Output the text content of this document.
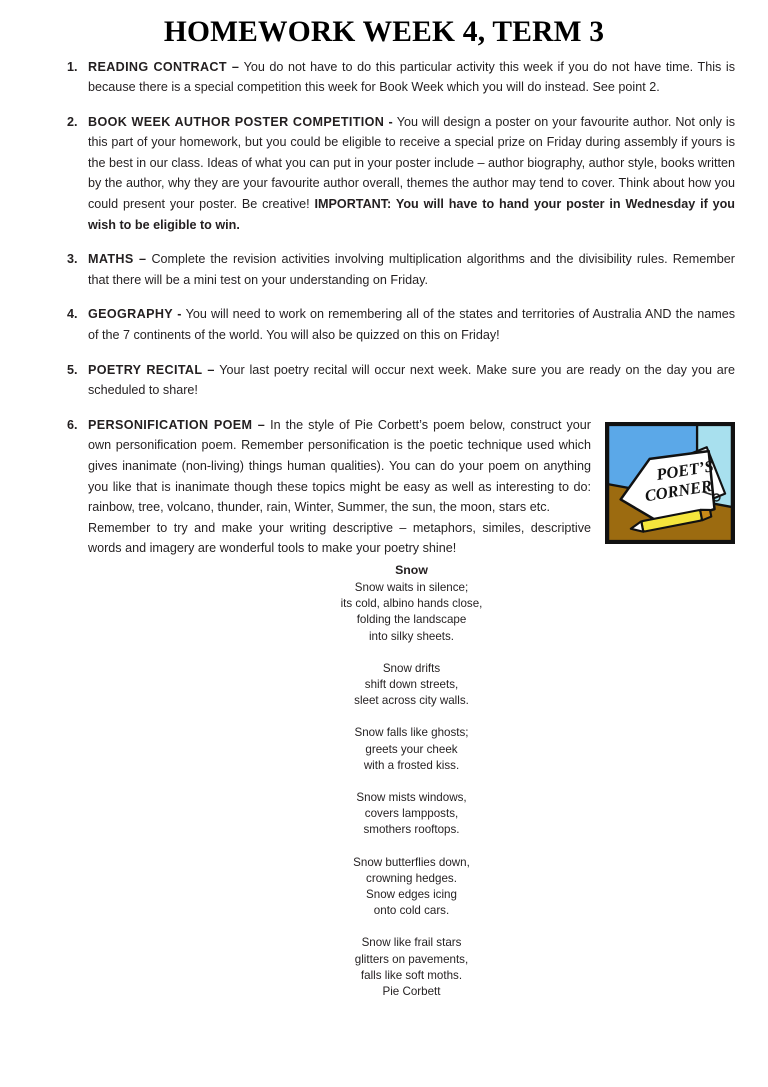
HOMEWORK WEEK 4, TERM 3
1. READING CONTRACT – You do not have to do this particular activity this week if you do not have time. This is because there is a special competition this week for Book Week which you will do instead. See point 2.
2. BOOK WEEK AUTHOR POSTER COMPETITION - You will design a poster on your favourite author. Not only is this part of your homework, but you could be eligible to receive a special prize on Friday during assembly if yours is the best in our class. Ideas of what you can put in your poster include – author biography, author style, books written by the author, why they are your favourite author overall, themes the author may tend to cover. Think about how you could present your poster. Be creative! IMPORTANT: You will have to hand your poster in Wednesday if you wish to be eligible to win.
3. MATHS – Complete the revision activities involving multiplication algorithms and the divisibility rules. Remember that there will be a mini test on your understanding on Friday.
4. GEOGRAPHY - You will need to work on remembering all of the states and territories of Australia AND the names of the 7 continents of the world. You will also be quizzed on this on Friday!
5. POETRY RECITAL – Your last poetry recital will occur next week. Make sure you are ready on the day you are scheduled to share!
6.
POET’S
CORNER
PERSONIFICATION POEM – In the style of Pie Corbett’s poem below, construct your own personification poem. Remember personification is the poetic technique used which gives inanimate (non-living) things human qualities). You can do your poem on anything you like that is inanimate though these topics might be easy as well as interesting to do: rainbow, tree, volcano, thunder, rain, Winter, Summer, the sun, the moon, stars etc.
Remember to try and make your writing descriptive – metaphors, similes, descriptive words and imagery are wonderful tools to make your poetry shine!
Snow
Snow waits in silence;
its cold, albino hands close,
folding the landscape
into silky sheets.
Snow drifts
shift down streets,
sleet across city walls.
Snow falls like ghosts;
greets your cheek
with a frosted kiss.
Snow mists windows,
covers lampposts,
smothers rooftops.
Snow butterflies down,
crowning hedges.
Snow edges icing
onto cold cars.
Snow like frail stars
glitters on pavements,
falls like soft moths.
Pie Corbett
